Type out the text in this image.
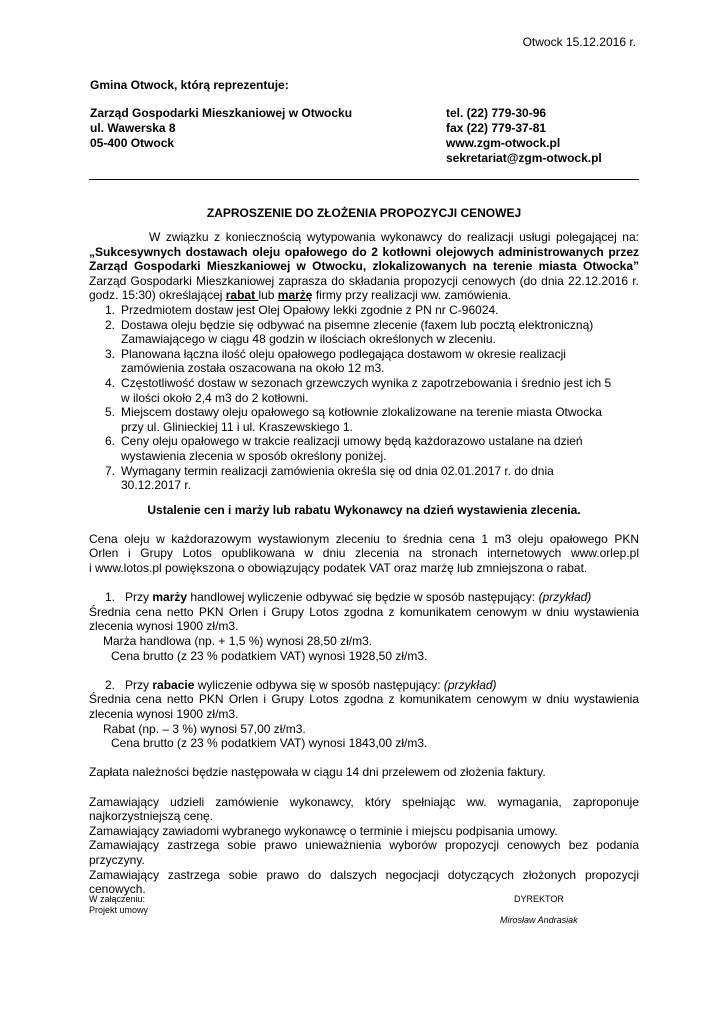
Otwock 15.12.2016 r.
Gmina Otwock, którą reprezentuje:
Zarząd Gospodarki Mieszkaniowej w Otwocku
ul. Wawerska 8
05-400 Otwock
tel. (22) 779-30-96
fax (22) 779-37-81
www.zgm-otwock.pl
sekretariat@zgm-otwock.pl
ZAPROSZENIE DO ZŁOŻENIA PROPOZYCJI CENOWEJ
W związku z koniecznością wytypowania wykonawcy do realizacji usługi polegającej na:
„Sukcesywnych dostawach oleju opałowego do 2 kotłowni olejowych administrowanych przez
Zarząd Gospodarki Mieszkaniowej w Otwocku, zlokalizowanych na terenie miasta Otwocka”
Zarząd Gospodarki Mieszkaniowej zaprasza do składania propozycji cenowych (do dnia 22.12.2016 r.
godz. 15:30) określającej rabat lub marżę firmy przy realizacji ww. zamówienia.
1. Przedmiotem dostaw jest Olej Opałowy lekki zgodnie z PN nr C-96024.
2. Dostawa oleju będzie się odbywać na pisemne zlecenie (faxem lub pocztą elektroniczną)
Zamawiającego w ciągu 48 godzin w ilościach określonych w zleceniu.
3. Planowana łączna ilość oleju opałowego podlegająca dostawom w okresie realizacji
zamówienia została oszacowana na około 12 m3.
4. Częstotliwość dostaw w sezonach grzewczych wynika z zapotrzebowania i średnio jest ich 5
w ilości około 2,4 m3 do 2 kotłowni.
5. Miejscem dostawy oleju opałowego są kotłownie zlokalizowane na terenie miasta Otwocka
przy ul. Glinieckiej 11 i ul. Kraszewskiego 1.
6. Ceny oleju opałowego w trakcie realizacji umowy będą każdorazowo ustalane na dzień
wystawienia zlecenia w sposób określony poniżej.
7. Wymagany termin realizacji zamówienia określa się od dnia 02.01.2017 r. do dnia
30.12.2017 r.
Ustalenie cen i marży lub rabatu Wykonawcy na dzień wystawienia zlecenia.
Cena oleju w każdorazowym wystawionym zleceniu to średnia cena 1 m3 oleju opałowego PKN
Orlen i Grupy Lotos opublikowana w dniu zlecenia na stronach internetowych www.orlep.pl
i www.lotos.pl powiększona o obowiązujący podatek VAT oraz marżę lub zmniejszona o rabat.
1. Przy marży handlowej wyliczenie odbywać się będzie w sposób następujący: (przykład)
Średnia cena netto PKN Orlen i Grupy Lotos zgodna z komunikatem cenowym w dniu wystawienia
zlecenia wynosi 1900 zł/m3.
Marża handlowa (np. + 1,5 %) wynosi 28,50 zł/m3.
Cena brutto (z 23 % podatkiem VAT) wynosi 1928,50 zł/m3.
2. Przy rabacie wyliczenie odbywa się w sposób następujący: (przykład)
Średnia cena netto PKN Orlen i Grupy Lotos zgodna z komunikatem cenowym w dniu wystawienia
zlecenia wynosi 1900 zł/m3.
Rabat (np. – 3 %) wynosi 57,00 zł/m3.
Cena brutto (z 23 % podatkiem VAT) wynosi 1843,00 zł/m3.
Zapłata należności będzie następowała w ciągu 14 dni przelewem od złożenia faktury.
Zamawiający udzieli zamówienie wykonawcy, który spełniając ww. wymagania, zaproponuje
najkorzystniejszą cenę.
Zamawiający zawiadomi wybranego wykonawcę o terminie i miejscu podpisania umowy.
Zamawiający zastrzega sobie prawo unieważnienia wyborów propozycji cenowych bez podania
przyczyny.
Zamawiający zastrzega sobie prawo do dalszych negocjacji dotyczących złożonych propozycji
cenowych.
W załączeniu:
Projekt umowy
DYREKTOR
Mirosław Andrasiak
